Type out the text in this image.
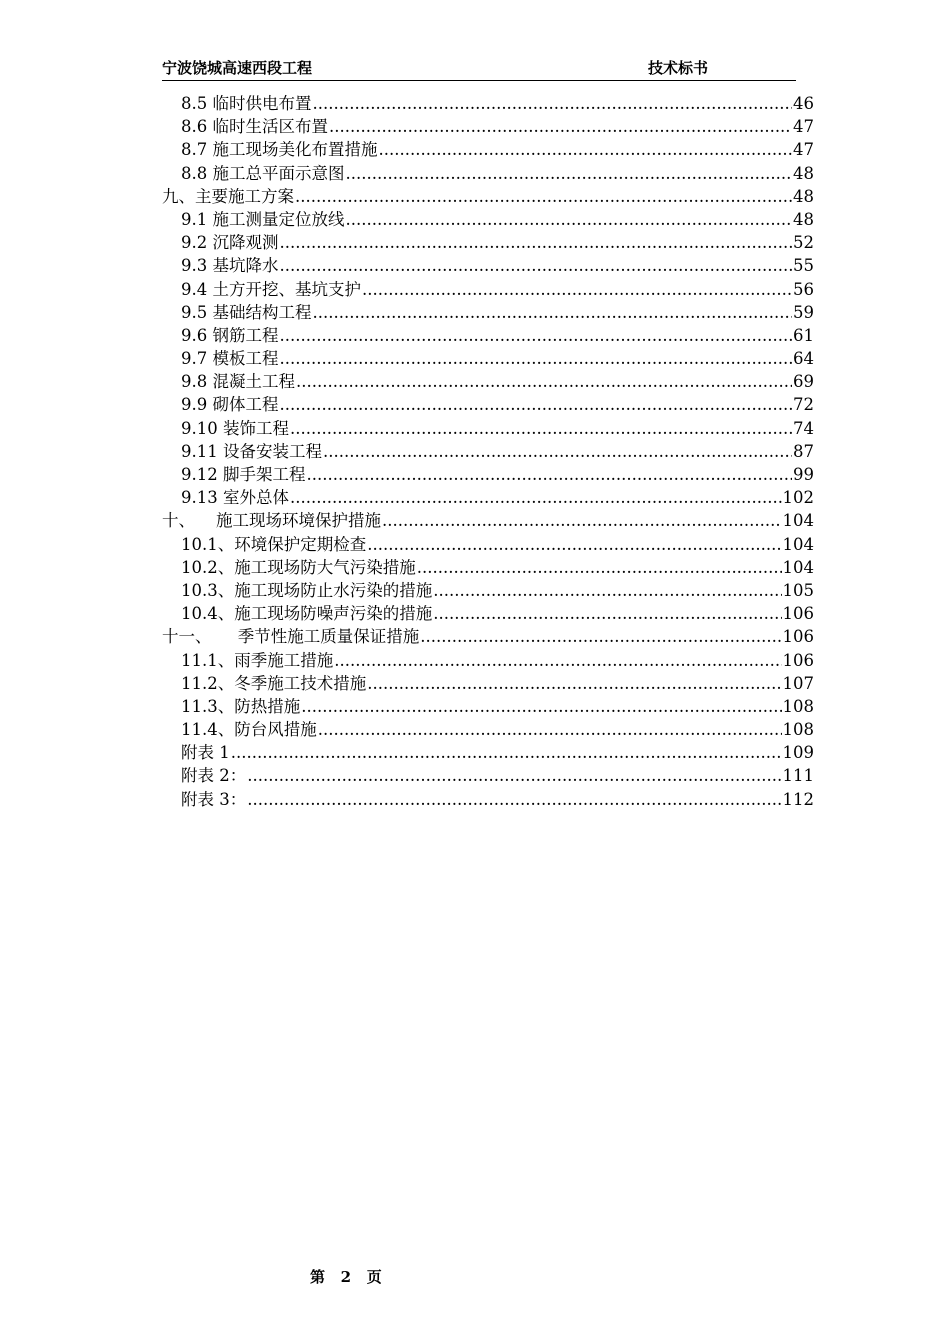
宁波饶城高速西段工程	技术标书
8.5 临时供电布置 .....	46
8.6 临时生活区布置 .....	47
8.7 施工现场美化布置措施 .....	47
8.8 施工总平面示意图 .....	48
九、主要施工方案 .....	48
9.1 施工测量定位放线 .....	48
9.2 沉降观测 .....	52
9.3 基坑降水 .....	55
9.4 土方开挖、基坑支护 .....	56
9.5 基础结构工程 .....	59
9.6 钢筋工程 .....	61
9.7 模板工程 .....	64
9.8 混凝土工程 .....	69
9.9 砌体工程 .....	72
9.10 装饰工程 .....	74
9.11 设备安装工程 .....	87
9.12 脚手架工程 .....	99
9.13 室外总体 .....	102
十、    施工现场环境保护措施 .....	104
10.1、环境保护定期检查 .....	104
10.2、施工现场防大气污染措施 .....	104
10.3、施工现场防止水污染的措施 .....	105
10.4、施工现场防噪声污染的措施 .....	106
十一、     季节性施工质量保证措施 .....	106
11.1、雨季施工措施 .....	106
11.2、冬季施工技术措施 .....	107
11.3、防热措施 .....	108
11.4、防台风措施 .....	108
附表 1 .....	109
附表 2： .....	111
附表 3： .....	112
第   2   页
